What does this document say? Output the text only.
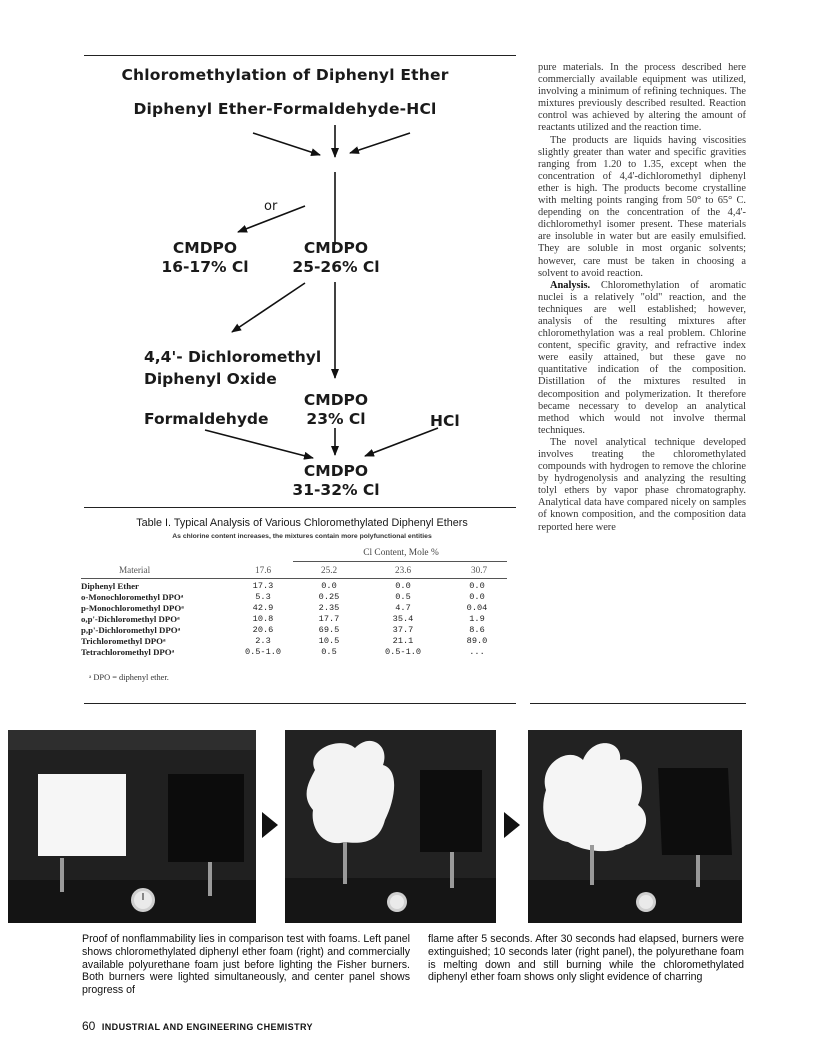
Chloromethylation of Diphenyl Ether
Diphenyl Ether-Formaldehyde-HCl
or
CMDPO
16-17% Cl
CMDPO
25-26% Cl
4,4'- Dichloromethyl
Diphenyl Oxide
CMDPO
23% Cl
Formaldehyde	HCl
CMDPO
31-32% Cl

pure materials. In the process described here commercially available equipment was utilized, involving a minimum of refining techniques. The mixtures previously described resulted. Reaction control was achieved by altering the amount of reactants utilized and the reaction time.

The products are liquids having viscosities slightly greater than water and specific gravities ranging from 1.20 to 1.35, except when the concentration of 4,4'-dichloromethyl diphenyl ether is high. The products become crystalline with melting points ranging from 50° to 65° C. depending on the concentration of the 4,4'-dichloromethyl isomer present. These materials are insoluble in water but are easily emulsified. They are soluble in most organic solvents; however, care must be taken in choosing a solvent to avoid reaction.

Analysis. Chloromethylation of aromatic nuclei is a relatively "old" reaction, and the techniques are well established; however, analysis of the resulting mixtures after chloromethylation was a real problem. Chlorine content, specific gravity, and refractive index were easily attained, but these gave no quantitative indication of the composition. Distillation of the mixtures resulted in decomposition and polymerization. It therefore became necessary to develop an analytical method which would not involve thermal techniques.

The novel analytical technique developed involves treating the chloromethylated compounds with hydrogen to remove the chlorine by hydrogenolysis and analyzing the resulting tolyl ethers by vapor phase chromatography. Analytical data have compared nicely on samples of known composition, and the composition data reported here were

Table I. Typical Analysis of Various Chloromethylated Diphenyl Ethers
As chlorine content increases, the mixtures contain more polyfunctional entities
Cl Content, Mole %
Material	17.6	25.2	23.6	30.7
Diphenyl Ether	17.3	0.0	0.0	0.0
o-Monochloromethyl DPOᵃ	5.3	0.25	0.5	0.0
p-Monochloromethyl DPOᵃ	42.9	2.35	4.7	0.04
o,p'-Dichloromethyl DPOᵃ	10.8	17.7	35.4	1.9
p,p'-Dichloromethyl DPOᵃ	20.6	69.5	37.7	8.6
Trichloromethyl DPOᵃ	2.3	10.5	21.1	89.0
Tetrachloromethyl DPOᵃ	0.5-1.0	0.5	0.5-1.0	...
ᵃ DPO = diphenyl ether.
Proof of nonflammability lies in comparison test with foams. Left panel shows chloromethylated diphenyl ether foam (right) and commercially available polyurethane foam just before lighting the Fisher burners. Both burners were lighted simultaneously, and center panel shows progress of
flame after 5 seconds. After 30 seconds had elapsed, burners were extinguished; 10 seconds later (right panel), the polyurethane foam is melting down and still burning while the chloromethylated diphenyl ether foam shows only slight evidence of charring
60 INDUSTRIAL AND ENGINEERING CHEMISTRY
